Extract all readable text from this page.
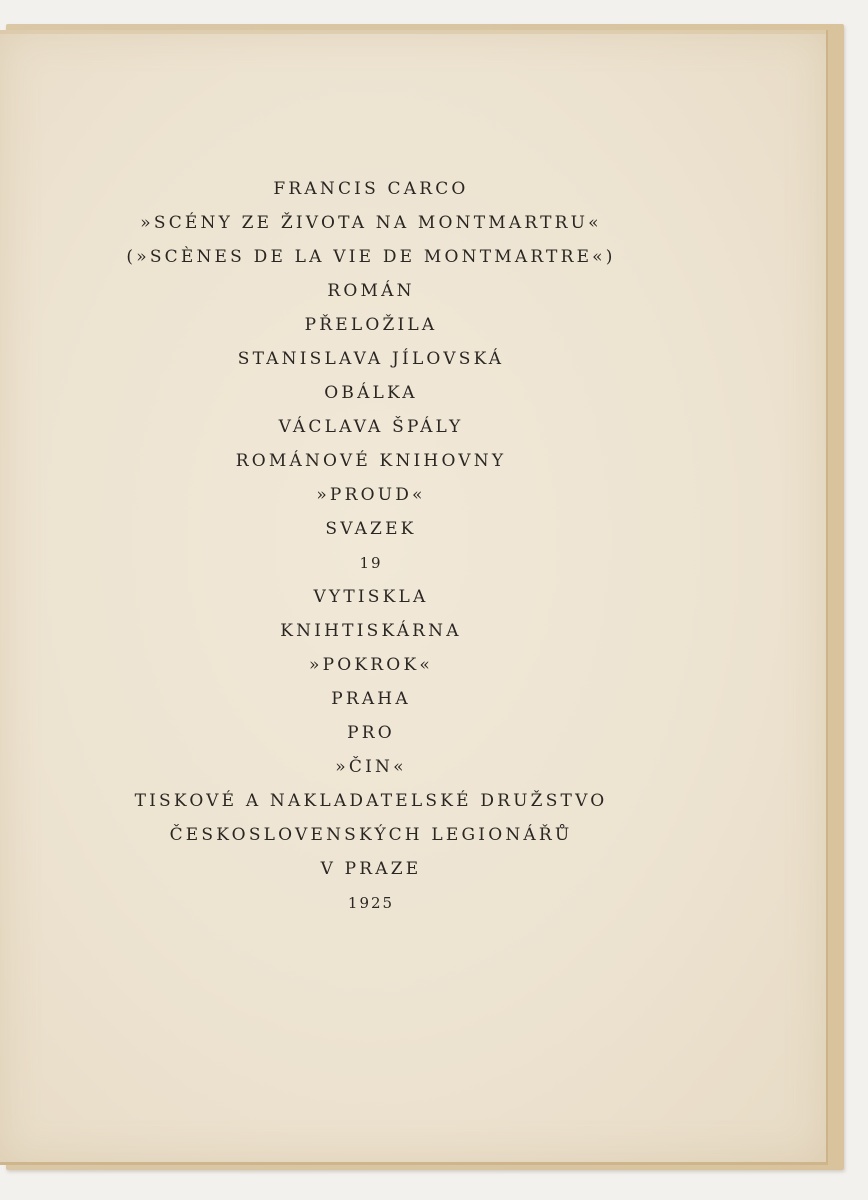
FRANCIS CARCO
»SCÉNY ZE ŽIVOTA NA MONTMARTRU«
(»SCÈNES DE LA VIE DE MONTMARTRE«)
ROMÁN
PŘELOŽILA
STANISLAVA JÍLOVSKÁ
OBÁLKA
VÁCLAVA ŠPÁLY
ROMÁNOVÉ KNIHOVNY
»PROUD«
SVAZEK
19
VYTISKLA
KNIHTISKÁRNA
»POKROK«
PRAHA
PRO
»ČIN«
TISKOVÉ A NAKLADATELSKÉ DRUŽSTVO
ČESKOSLOVENSKÝCH LEGIONÁŘŮ
V PRAZE
1925
